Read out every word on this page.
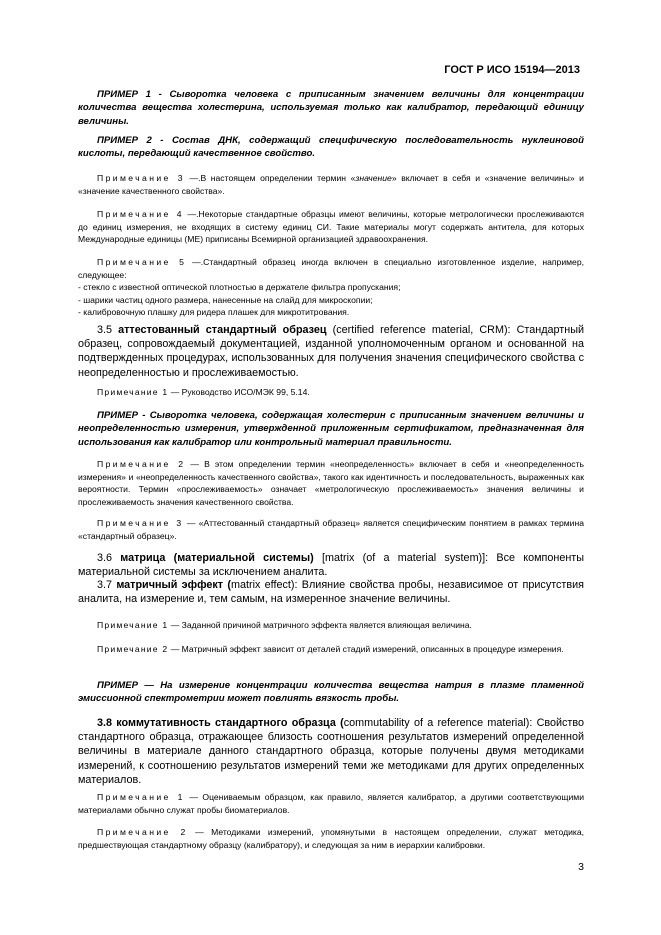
ГОСТ Р ИСО 15194—2013

ПРИМЕР 1 - Сыворотка человека с приписанным значением величины для концентрации количества вещества холестерина, используемая только как калибратор, передающий единицу величины.

ПРИМЕР 2 - Состав ДНК, содержащий специфическую последовательность нуклеиновой кислоты, передающий качественное свойство.

Примечание 3 —.В настоящем определении термин «значение» включает в себя и «значение величины» и «значение качественного свойства».

Примечание 4 —.Некоторые стандартные образцы имеют величины, которые метрологически прослеживаются до единиц измерения, не входящих в систему единиц СИ. Такие материалы могут содержать антитела, для которых Международные единицы (МЕ) приписаны Всемирной организацией здравоохранения.

Примечание 5 —.Стандартный образец иногда включен в специально изготовленное изделие, например, следующее:
- стекло с известной оптической плотностью в держателе фильтра пропускания;
- шарики частиц одного размера, нанесенные на слайд для микроскопии;
- калибровочную плашку для ридера плашек для микротитрования.

3.5 аттестованный стандартный образец (certified reference material, CRM): Стандартный образец, сопровождаемый документацией, изданной уполномоченным органом и основанной на подтвержденных процедурах, использованных для получения значения специфического свойства с неопределенностью и прослеживаемостью.

Примечание 1 — Руководство ИСО/МЭК 99, 5.14.

ПРИМЕР - Сыворотка человека, содержащая холестерин с приписанным значением величины и неопределенностью измерения, утвержденной приложенным сертификатом, предназначенная для использования как калибратор или контрольный материал правильности.

Примечание 2 — В этом определении термин «неопределенность» включает в себя и «неопределенность измерения» и «неопределенность качественного свойства», такого как идентичность и последовательность, выраженных как вероятности. Термин «прослеживаемость» означает «метрологическую прослеживаемость» значения величины и прослеживаемость значения качественного свойства.

Примечание 3 — «Аттестованный стандартный образец» является специфическим понятием в рамках термина «стандартный образец».

3.6 матрица (материальной системы) [matrix (of a material system)]: Все компоненты материальной системы за исключением аналита.

3.7 матричный эффект (matrix effect): Влияние свойства пробы, независимое от присутствия аналита, на измерение и, тем самым, на измеренное значение величины.

Примечание 1 — Заданной причиной матричного эффекта является влияющая величина.

Примечание 2 — Матричный эффект зависит от деталей стадий измерений, описанных в процедуре измерения.

ПРИМЕР — На измерение концентрации количества вещества натрия в плазме пламенной эмиссионной спектрометрии может повлиять вязкость пробы.

3.8 коммутативность стандартного образца (commutability of a reference material): Свойство стандартного образца, отражающее близость соотношения результатов измерений определенной величины в материале данного стандартного образца, которые получены двумя методиками измерений, к соотношению результатов измерений теми же методиками для других определенных материалов.

Примечание 1 — Оцениваемым образцом, как правило, является калибратор, а другими соответствующими материалами обычно служат пробы биоматериалов.

Примечание 2 — Методиками измерений, упомянутыми в настоящем определении, служат методика, предшествующая стандартному образцу (калибратору), и следующая за ним в иерархии калибровки.

3
